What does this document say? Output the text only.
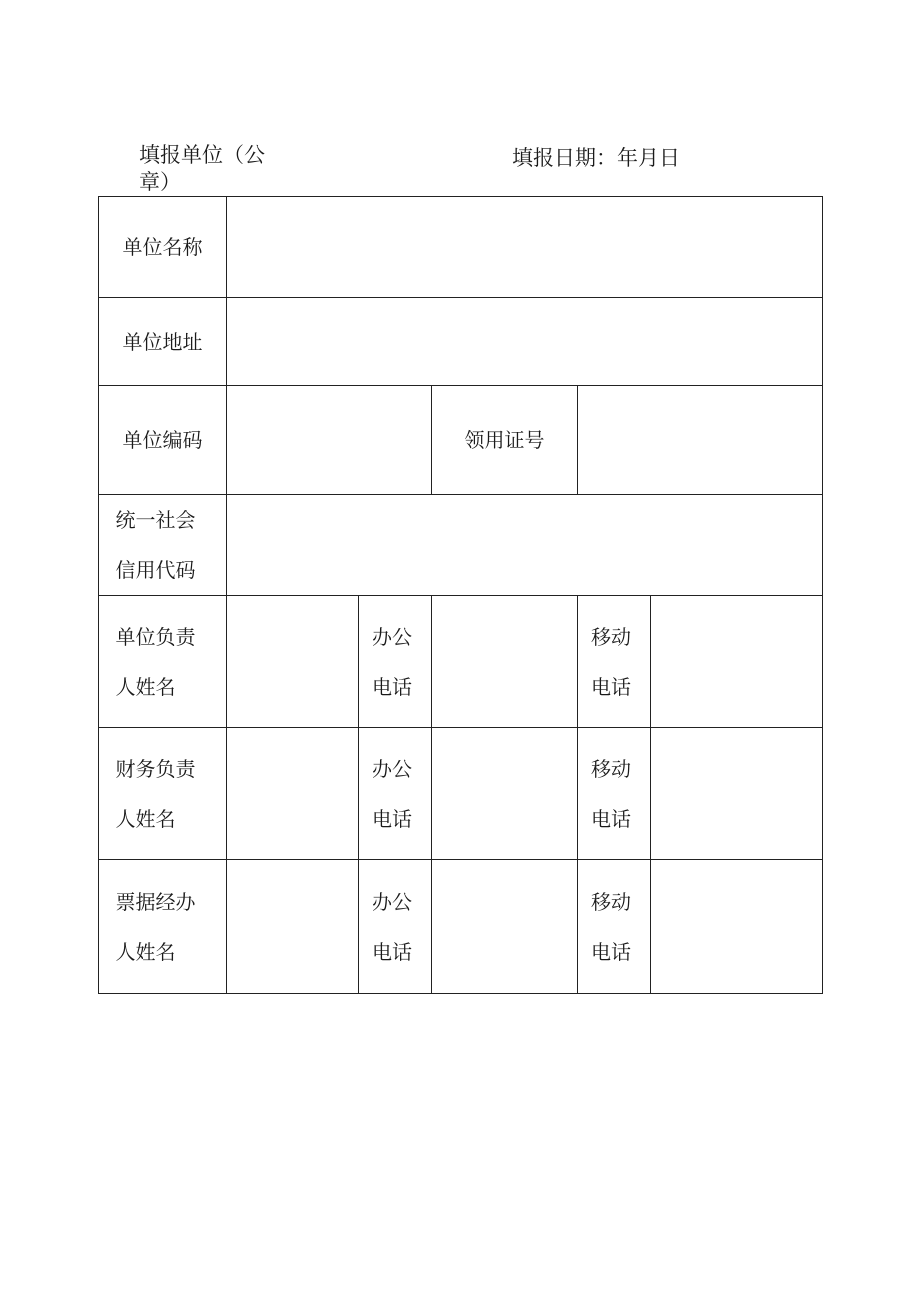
填报单位（公章）
填报日期：年月日
单位名称					
单位地址					
单位编码			领用证号		
统一社会信用代码					
单位负责人姓名		办公电话		移动电话	
财务负责人姓名		办公电话		移动电话	
票据经办人姓名		办公电话		移动电话	
